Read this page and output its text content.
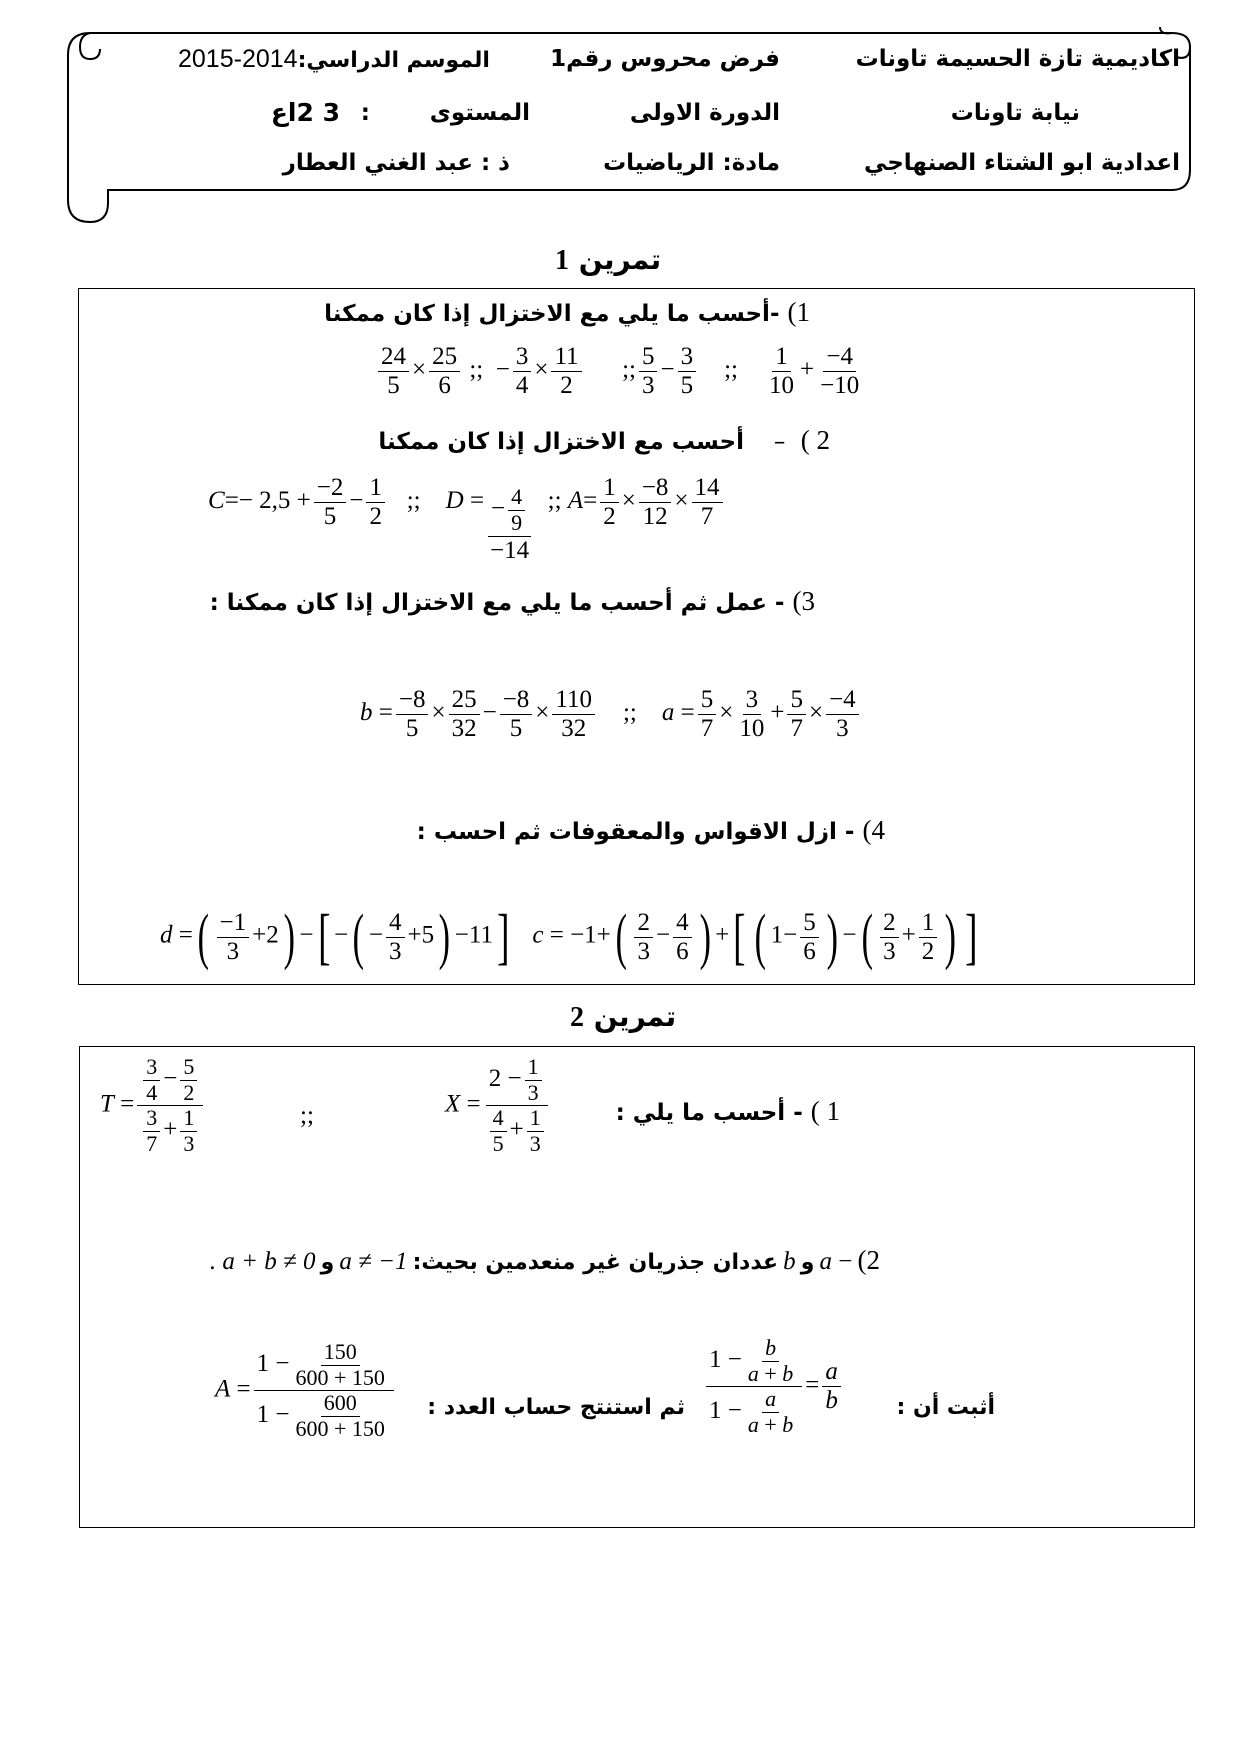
اكاديمية تازة الحسيمة تاونات
فرض محروس رقم1
الموسم الدراسي:2014-2015
نيابة تاونات
الدورة الاولى
المستوى
:
3 2اع
اعدادية ابو الشتاء الصنهاجي
مادة: الرياضيات
ذ : عبد الغني العطار
تمرين 1
1) -أحسب ما يلي مع الاختزال إذا كان ممكنا
$\frac{24}{5} \times \frac{25}{6}$ ;;  − $\frac{3}{4} \times \frac{11}{2}$ ;; $\frac{5}{3} - \frac{3}{5}$ ;; $\frac{1}{10} + \frac{-4}{-10}$
2 )  –    أحسب مع الاختزال إذا كان ممكنا
$C=- 2,5 + \frac{-2}{5} - \frac{1}{2}$ ;; $D = \frac{- \frac{4}{9}}{-14}$ ;; $A= \frac{1}{2} \times \frac{-8}{12} \times \frac{14}{7}$
3) - عمل ثم أحسب ما يلي مع الاختزال إذا كان ممكنا :
$b = \frac{-8}{5} \times \frac{25}{32} - \frac{-8}{5} \times \frac{110}{32}$ ;; $a = \frac{5}{7} \times \frac{3}{10} + \frac{5}{7} \times \frac{-4}{3}$
4) - ازل الاقواس والمعقوفات ثم احسب :
d =( $\frac{-1}{3} +2$) −[ −( − $\frac{4}{3} +5) -11$] $c = -1+( \frac{2}{3} - \frac{4}{6}$ ) +[ ( $1- \frac{5}{6}$ ) −( $\frac{2}{3} + \frac{1}{2}$ ) ]
تمرين 2
1 ) - أحسب ما يلي :
$T = \frac{\frac{3}{4} - \frac{5}{2}}{\frac{3}{7} + \frac{1}{3}}$	;;	$X = \frac{2 - \frac{1}{3}}{\frac{4}{5} + \frac{1}{3}}$
2) − a و b عددان جذريان غير منعدمين بحيث: a ≠ −1 و a + b ≠ 0 .
أثبت أن :
$\frac{1 - \frac{b}{a + b}}{1 - \frac{a}{a + b}} = \frac{a}{b}$
ثم استنتج حساب العدد :
$A = \frac{1 - \frac{150}{600 + 150}}{1 - \frac{600}{600 + 150}}$
